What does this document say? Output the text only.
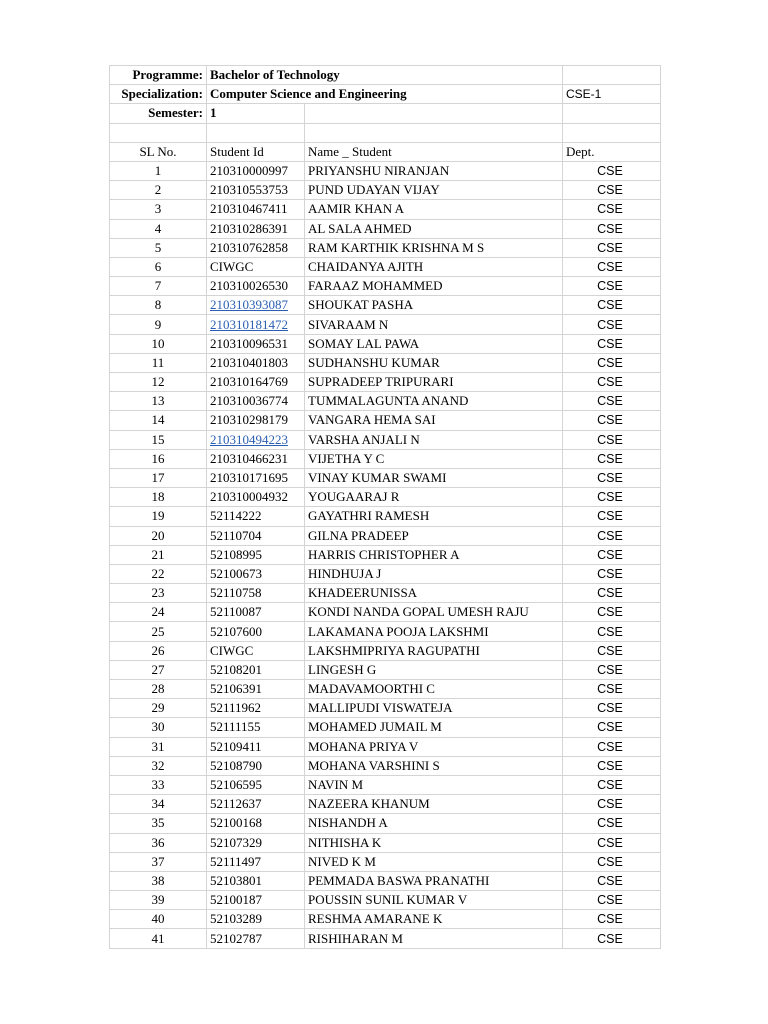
Programme:	Bachelor of Technology		
Specialization:	Computer Science and Engineering		CSE-1
Semester:	1		

SL No.	Student Id	Name _ Student	Dept.
1	210310000997	PRIYANSHU NIRANJAN	CSE
2	210310553753	PUND UDAYAN VIJAY	CSE
3	210310467411	AAMIR KHAN A	CSE
4	210310286391	AL SALA AHMED	CSE
5	210310762858	RAM KARTHIK KRISHNA M S	CSE
6	CIWGC	CHAIDANYA AJITH	CSE
7	210310026530	FARAAZ MOHAMMED	CSE
8	210310393087	SHOUKAT PASHA	CSE
9	210310181472	SIVARAAM N	CSE
10	210310096531	SOMAY LAL PAWA	CSE
11	210310401803	SUDHANSHU KUMAR	CSE
12	210310164769	SUPRADEEP TRIPURARI	CSE
13	210310036774	TUMMALAGUNTA ANAND	CSE
14	210310298179	VANGARA HEMA SAI	CSE
15	210310494223	VARSHA ANJALI N	CSE
16	210310466231	VIJETHA Y C	CSE
17	210310171695	VINAY KUMAR SWAMI	CSE
18	210310004932	YOUGAARAJ R	CSE
19	52114222	GAYATHRI RAMESH	CSE
20	52110704	GILNA PRADEEP	CSE
21	52108995	HARRIS CHRISTOPHER A	CSE
22	52100673	HINDHUJA J	CSE
23	52110758	KHADEERUNISSA	CSE
24	52110087	KONDI NANDA GOPAL UMESH RAJU	CSE
25	52107600	LAKAMANA POOJA LAKSHMI	CSE
26	CIWGC	LAKSHMIPRIYA RAGUPATHI	CSE
27	52108201	LINGESH G	CSE
28	52106391	MADAVAMOORTHI C	CSE
29	52111962	MALLIPUDI VISWATEJA	CSE
30	52111155	MOHAMED JUMAIL M	CSE
31	52109411	MOHANA PRIYA V	CSE
32	52108790	MOHANA VARSHINI S	CSE
33	52106595	NAVIN M	CSE
34	52112637	NAZEERA KHANUM	CSE
35	52100168	NISHANDH A	CSE
36	52107329	NITHISHA K	CSE
37	52111497	NIVED K M	CSE
38	52103801	PEMMADA BASWA PRANATHI	CSE
39	52100187	POUSSIN SUNIL KUMAR V	CSE
40	52103289	RESHMA AMARANE K	CSE
41	52102787	RISHIHARAN M	CSE
